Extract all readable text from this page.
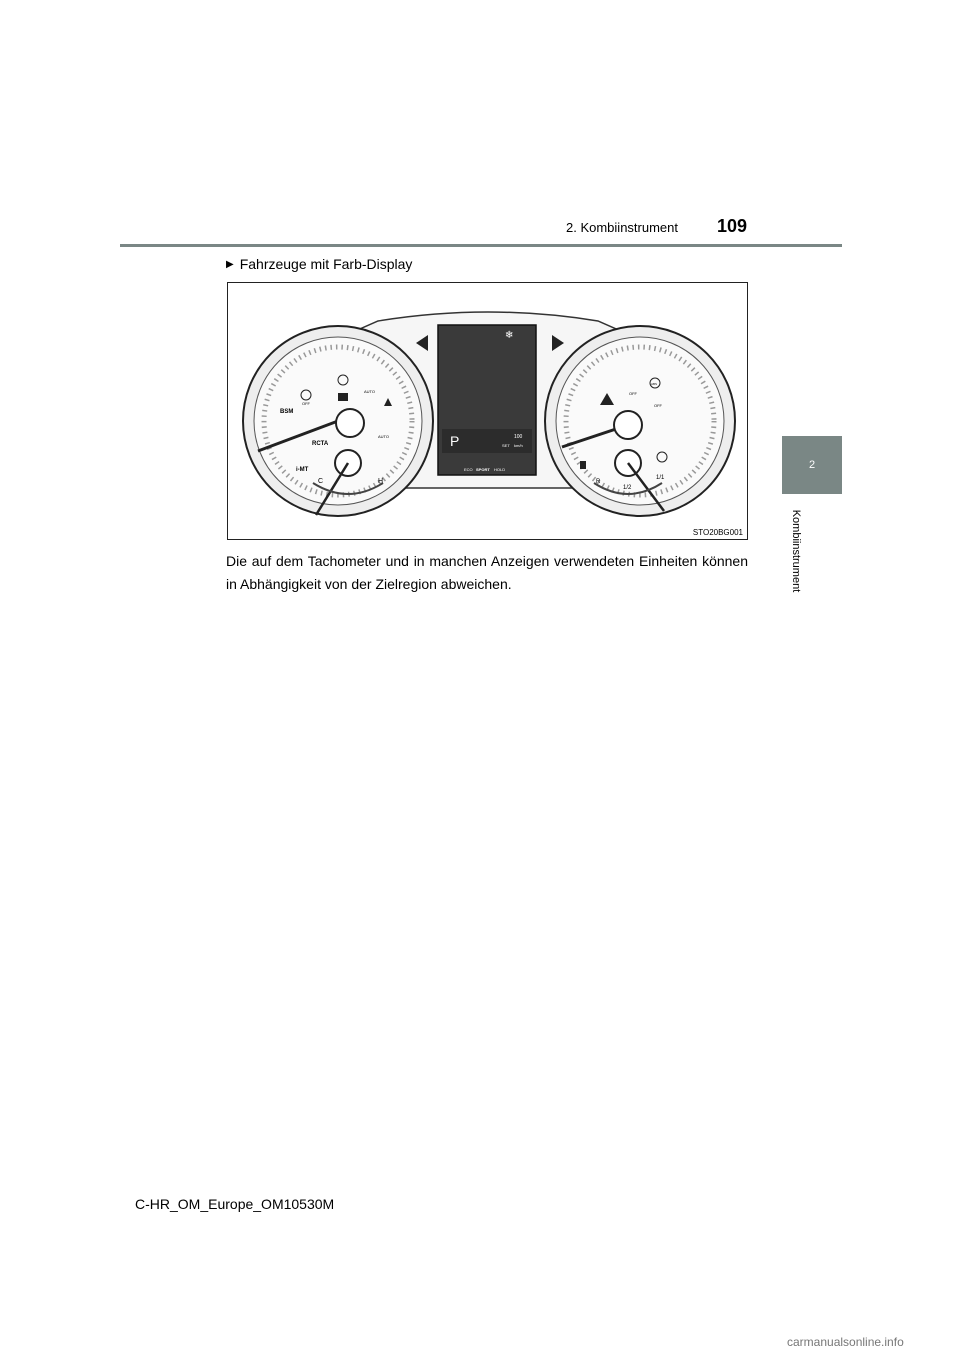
2. Kombiinstrument 109
2
Kombiinstrument
▶ Fahrzeuge mit Farb-Display
BSM
RCTA
i-MT
C	H
AUTO
AUTO
OFF
P	100
SET km/h
ECO SPORT HOLD
❄
ABS
OFF
OFF
R
1/2
1/1
STO20BG001
Die auf dem Tachometer und in manchen Anzeigen verwendeten Einheiten können in Abhängigkeit von der Zielregion abweichen.
C-HR_OM_Europe_OM10530M
carmanualsonline.info
